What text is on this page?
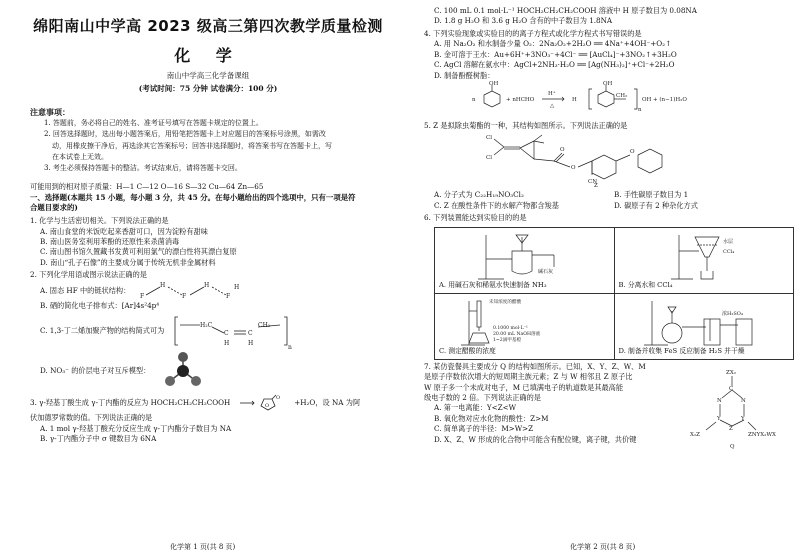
绵阳南山中学高 2023 级高三第四次教学质量检测
化 学
南山中学高三化学备课组
(考试时间：75 分钟 试卷满分：100 分)
注意事项：
1. 答题前，务必将自己的姓名、准考证号填写在答题卡规定的位置上。
2. 回答选择题时，选出每小题答案后，用铅笔把答题卡上对应题目的答案标号涂黑，如需改
动，用橡皮擦干净后，再选涂其它答案标号；回答非选择题时，将答案书写在答题卡上，写
在本试卷上无效。
3. 考生必须保持答题卡的整洁。考试结束后，请将答题卡交回。
可能用到的相对原子质量：H—1 C—12 O—16 S—32 Cu—64 Zn—65
一、选择题(本题共 15 小题，每小题 3 分，共 45 分。在每小题给出的四个选项中，只有一项是符
合题目要求的)
1. 化学与生活密切相关。下列说法正确的是
A. 南山食堂的米饭吃起来香甜可口，因为淀粉有甜味
B. 南山医务室利用苯酚的还原性来杀菌消毒
C. 南山图书馆久置藏书发黄可利用氯气的漂白性将其漂白复原
D. 南山“孔子石像”的主要成分属于传统无机非金属材料
2. 下列化学用语或图示说法正确的是
A. 固态 HF 中的链状结构：
F
H
F
H
F
H
B. 硒的简化电子排布式：[Ar]4s²4p⁴
C. 1,3-丁二烯加聚产物的结构简式可为
H₂C
C	C
CH₂
H	H
n
D. NO₃⁻ 的价层电子对互斥模型：
3. γ-羟基丁酸生成 γ-丁内酯的反应为 HOCH₂CH₂CH₂COOH	O
O	+H₂O，设 NA 为阿
伏加德罗常数的值。下列说法正确的是
A. 1 mol γ-羟基丁酸充分反应生成 γ-丁内酯分子数目为 NA
B. γ-丁内酯分子中 σ 键数目为 6NA
化学第 1 页(共 8 页)
C. 100 mL 0.1 mol·L⁻¹ HOCH₂CH₂CH₂COOH 溶液中 H 原子数目为 0.08NA
D. 1.8 g H₂O 和 3.6 g H₂O 含有的中子数目为 1.8NA
4. 下列实验现象或实验目的的离子方程式或化学方程式书写错误的是
A. 用 Na₂O₂ 和水制备少量 O₂：2Na₂O₂+2H₂O ══ 4Na⁺+4OH⁻+O₂↑
B. 金可溶于王水：Au+6H⁺+3NO₃⁻+4Cl⁻ ══ [AuCl₄]⁻+3NO₂↑+3H₂O
C. AgCl 溶解在氨水中：AgCl+2NH₃·H₂O ══ [Ag(NH₃)₂]⁺+Cl⁻+2H₂O
D. 制备酚醛树脂：
OH
n	+ nHCHO
H⁺
△
H
OH
CH₂
n
OH + (n−1)H₂O
5. Z 是拟除虫菊酯的一种，其结构如图所示。下列说法正确的是
Cl
Cl
O
O
CN
O
Z
A. 分子式为 C₂₂H₁₉NO₃Cl₂	B. 手性碳原子数目为 1
C. Z 在酸性条件下的水解产物都含羧基	D. 碳原子有 2 种杂化方式
6. 下列装置能达到实验目的的是
碱石灰
A. 用碱石灰和稀氨水快速制备 NH₃	水层
CCl₄
B. 分离水和 CCl₄

未知浓度的醋酸
0.1000 mol·L⁻¹
20.00 mL NaOH溶液
1~2滴甲基橙
C. 测定醋酸的浓度	浓H₂SO₄
D. 制备并收集 FeS 反应制备 H₂S 并干燥
7. 某仿瓷餐具主要成分 Q 的结构如图所示。已知，X、Y、Z、W、M
是原子序数依次增大的短周期主族元素；Z 与 W 相邻且 Z 原子比
W 原子多一个未成对电子，M 已填满电子的轨道数是其最高能
级电子数的 2 倍。下列说法正确的是
A. 第一电离能：Y<Z<W
B. 氧化物对应水化物的酸性：Z>M
C. 简单离子的半径：M>W>Z
D. X、Z、W 形成的化合物中可能含有配位键，离子键，共价键
ZX₂
C
N	N
Y	Y
Z
X₂Z	ZNYX₂WX
Q
化学第 2 页(共 8 页)
